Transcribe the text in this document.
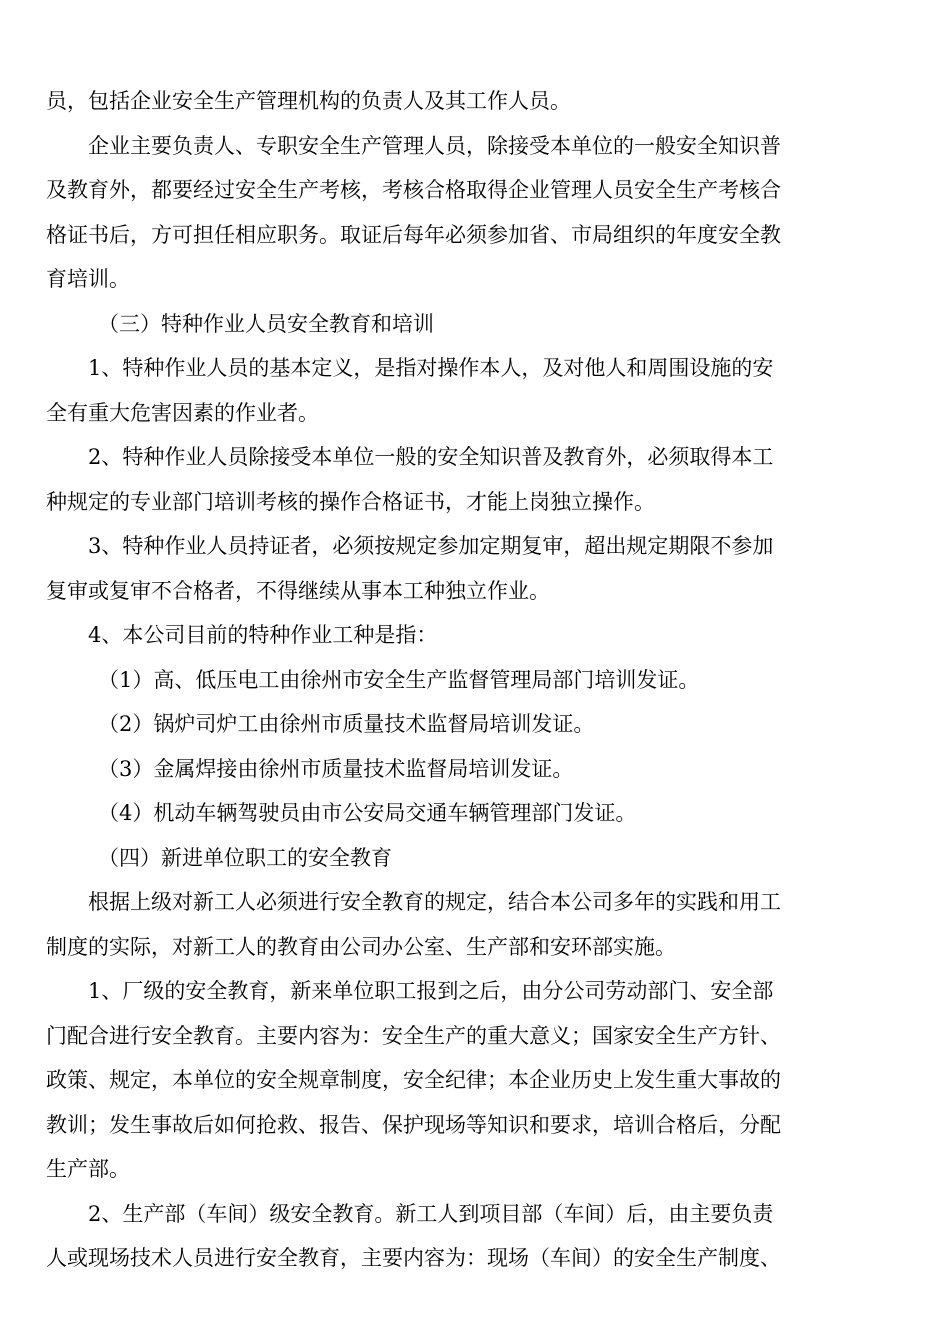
员，包括企业安全生产管理机构的负责人及其工作人员。
企业主要负责人、专职安全生产管理人员，除接受本单位的一般安全知识普
及教育外，都要经过安全生产考核，考核合格取得企业管理人员安全生产考核合
格证书后，方可担任相应职务。取证后每年必须参加省、市局组织的年度安全教
育培训。
（三）特种作业人员安全教育和培训
1、特种作业人员的基本定义，是指对操作本人，及对他人和周围设施的安
全有重大危害因素的作业者。
2、特种作业人员除接受本单位一般的安全知识普及教育外，必须取得本工
种规定的专业部门培训考核的操作合格证书，才能上岗独立操作。
3、特种作业人员持证者，必须按规定参加定期复审，超出规定期限不参加
复审或复审不合格者，不得继续从事本工种独立作业。
4、本公司目前的特种作业工种是指：
（1）高、低压电工由徐州市安全生产监督管理局部门培训发证。
（2）锅炉司炉工由徐州市质量技术监督局培训发证。
（3）金属焊接由徐州市质量技术监督局培训发证。
（4）机动车辆驾驶员由市公安局交通车辆管理部门发证。
（四）新进单位职工的安全教育
根据上级对新工人必须进行安全教育的规定，结合本公司多年的实践和用工
制度的实际，对新工人的教育由公司办公室、生产部和安环部实施。
1、厂级的安全教育，新来单位职工报到之后，由分公司劳动部门、安全部
门配合进行安全教育。主要内容为：安全生产的重大意义；国家安全生产方针、
政策、规定，本单位的安全规章制度，安全纪律；本企业历史上发生重大事故的
教训；发生事故后如何抢救、报告、保护现场等知识和要求，培训合格后，分配
生产部。
2、生产部（车间）级安全教育。新工人到项目部（车间）后，由主要负责
人或现场技术人员进行安全教育，主要内容为：现场（车间）的安全生产制度、
